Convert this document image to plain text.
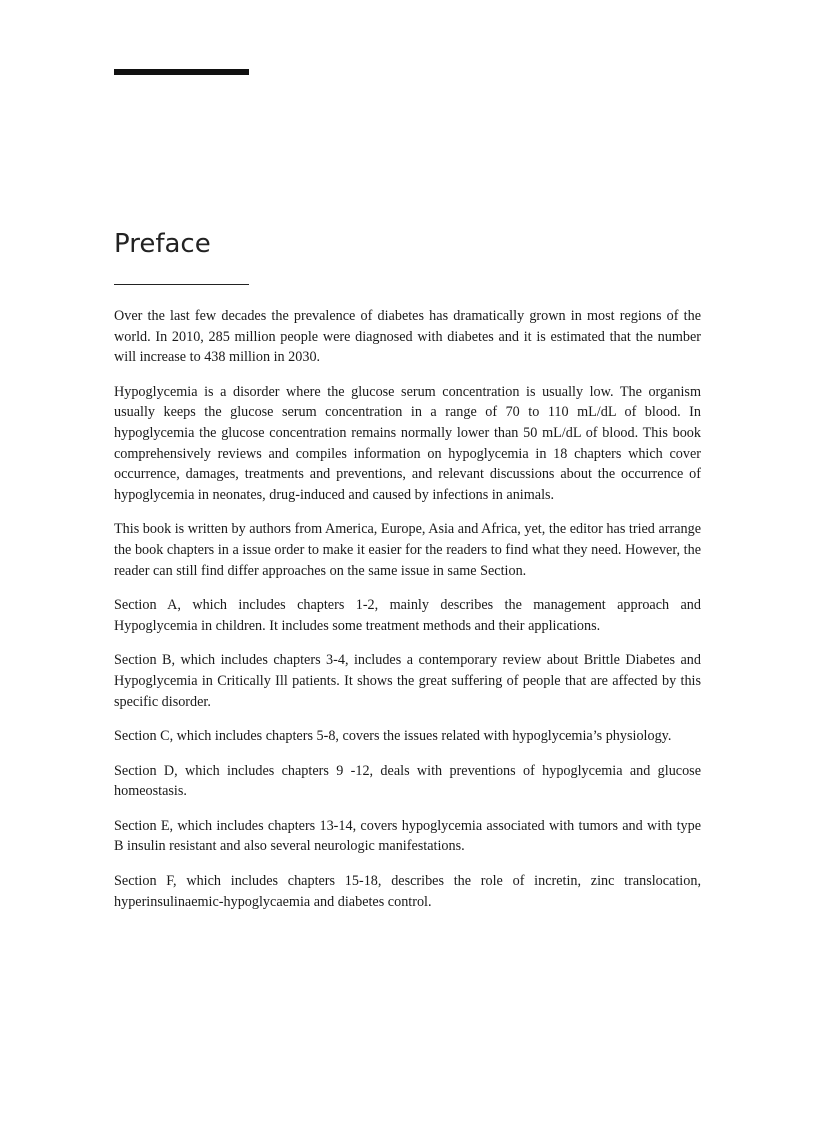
Preface

Over the last few decades the prevalence of diabetes has dramatically grown in most regions of the world. In 2010, 285 million people were diagnosed with diabetes and it is estimated that the number will increase to 438 million in 2030.

Hypoglycemia is a disorder where the glucose serum concentration is usually low. The organism usually keeps the glucose serum concentration in a range of 70 to 110 mL/dL of blood. In hypoglycemia the glucose concentration remains normally lower than 50 mL/dL of blood. This book comprehensively reviews and compiles information on hypoglycemia in 18 chapters which cover occurrence, damages, treatments and preventions, and relevant discussions about the occurrence of hypoglycemia in neonates, drug-induced and caused by infections in animals.

This book is written by authors from America, Europe, Asia and Africa, yet, the editor has tried arrange the book chapters in a issue order to make it easier for the readers to find what they need. However, the reader can still find differ approaches on the same issue in same Section.

Section A, which includes chapters 1-2, mainly describes the management approach and Hypoglycemia in children. It includes some treatment methods and their applications.

Section B, which includes chapters 3-4, includes a contemporary review about Brittle Diabetes and Hypoglycemia in Critically Ill patients. It shows the great suffering of people that are affected by this specific disorder.

Section C, which includes chapters 5-8, covers the issues related with hypoglycemia’s physiology.

Section D, which includes chapters 9 -12, deals with preventions of hypoglycemia and glucose homeostasis.

Section E, which includes chapters 13-14, covers hypoglycemia associated with tumors and with type B insulin resistant and also several neurologic manifestations.

Section F, which includes chapters 15-18, describes the role of incretin, zinc translocation, hyperinsulinaemic-hypoglycaemia and diabetes control.
